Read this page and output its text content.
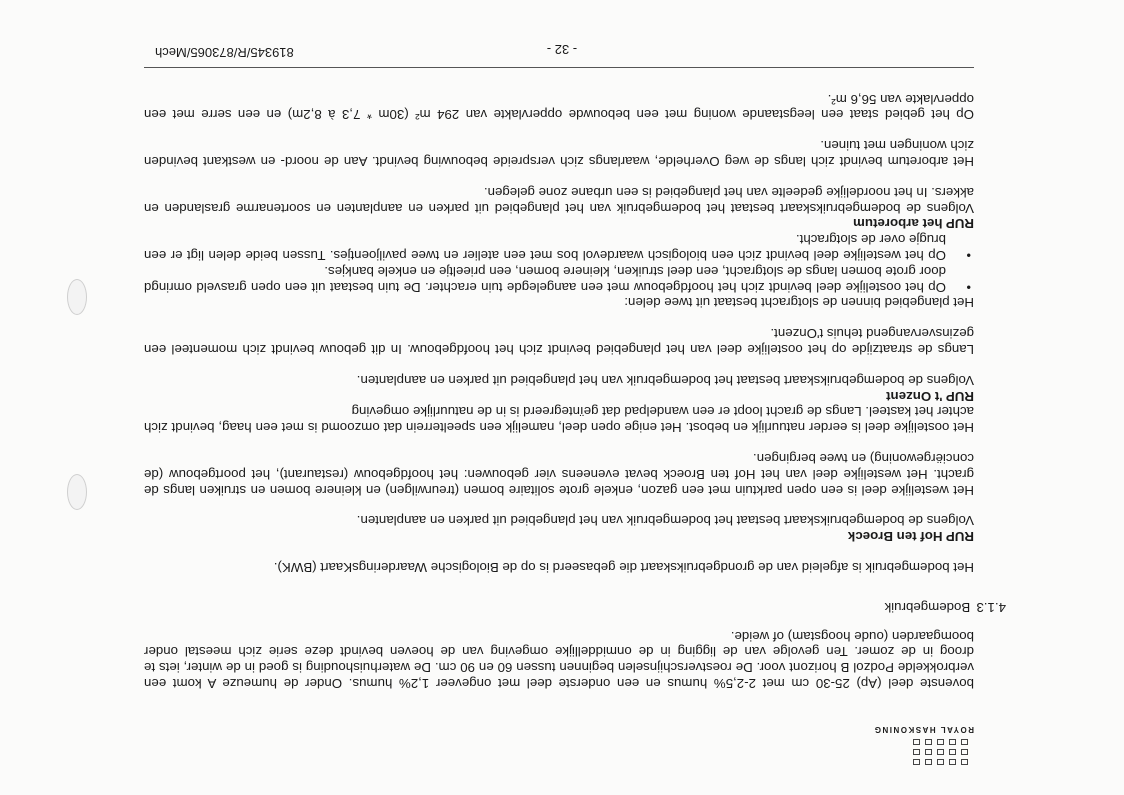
ROYAL HASKONING

bovenste deel (Ap) 25-30 cm met 2-2,5% humus en een onderste deel met ongeveer 1,2% humus. Onder de humeuze A komt een verbrokkelde Podzol B horizont voor. De roestverschijnselen beginnen tussen 60 en 90 cm. De waterhuishouding is goed in de winter, iets te droog in de zomer. Ten gevolge van de ligging in de onmiddellijke omgeving van de hoeven bevindt deze serie zich meestal onder boomgaarden (oude hoogstam) of weide.

4.1.3 Bodemgebruik

Het bodemgebruik is afgeleid van de grondgebruikskaart die gebaseerd is op de Biologische WaarderingsKaart (BWK).

RUP Hof ten Broeck

Volgens de bodemgebruikskaart bestaat het bodemgebruik van het plangebied uit parken en aanplanten.

Het westelijke deel is een open parktuin met een gazon, enkele grote solitaire bomen (treurwilgen) en kleinere bomen en struiken langs de gracht. Het westelijke deel van het Hof ten Broeck bevat eveneens vier gebouwen: het hoofdgebouw (restaurant), het poortgebouw (de conciërgewoning) en twee bergingen.

Het oostelijke deel is eerder natuurlijk en bebost. Het enige open deel, namelijk een speelterrein dat omzoomd is met een haag, bevindt zich achter het kasteel. Langs de gracht loopt er een wandelpad dat geïntegreerd is in de natuurlijke omgeving

RUP 't Onzent

Volgens de bodemgebruikskaart bestaat het bodemgebruik van het plangebied uit parken en aanplanten.

Langs de straatzijde op het oostelijke deel van het plangebied bevindt zich het hoofdgebouw. In dit gebouw bevindt zich momenteel een gezinsvervangend tehuis t'Onzent.

Het plangebied binnen de slotgracht bestaat uit twee delen:

• Op het oostelijke deel bevindt zich het hoofdgebouw met een aangelegde tuin erachter. De tuin bestaat uit een open grasveld omringd door grote bomen langs de slotgracht, een deel struiken, kleinere bomen, een prieeltje en enkele bankjes.
• Op het westelijke deel bevindt zich een biologisch waardevol bos met een atelier en twee paviljoentjes. Tussen beide delen ligt er een brugje over de slotgracht.

RUP het arboretum

Volgens de bodemgebruikskaart bestaat het bodemgebruik van het plangebied uit parken en aanplanten en soortenarme graslanden en akkers. In het noordelijke gedeelte van het plangebied is een urbane zone gelegen.

Het arboretum bevindt zich langs de weg Overhelde, waarlangs zich verspreide bebouwing bevindt. Aan de noord- en westkant bevinden zich woningen met tuinen.

Op het gebied staat een leegstaande woning met een bebouwde oppervlakte van 294 m² (30m * 7,3 à 8,2m) en een serre met een oppervlakte van 56,6 m².

819345/R/873065/Mech	- 32 -
